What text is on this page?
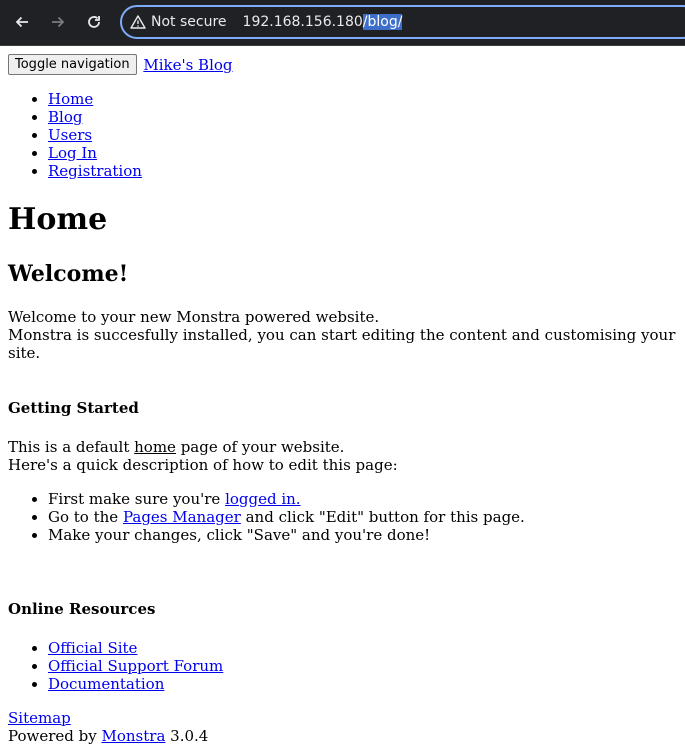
Not secure 192.168.156.180/blog/
Toggle navigation Mike's Blog
• Home
• Blog
• Users
• Log In
• Registration
Home
Welcome!

Welcome to your new Monstra powered website.
Monstra is succesfully installed, you can start editing the content and customising your site.

Getting Started

This is a default home page of your website.
Here's a quick description of how to edit this page:

• First make sure you're logged in.
• Go to the Pages Manager and click "Edit" button for this page.
• Make your changes, click "Save" and you're done!
Online Resources
• Official Site
• Official Support Forum
• Documentation
Sitemap
Powered by Monstra 3.0.4
